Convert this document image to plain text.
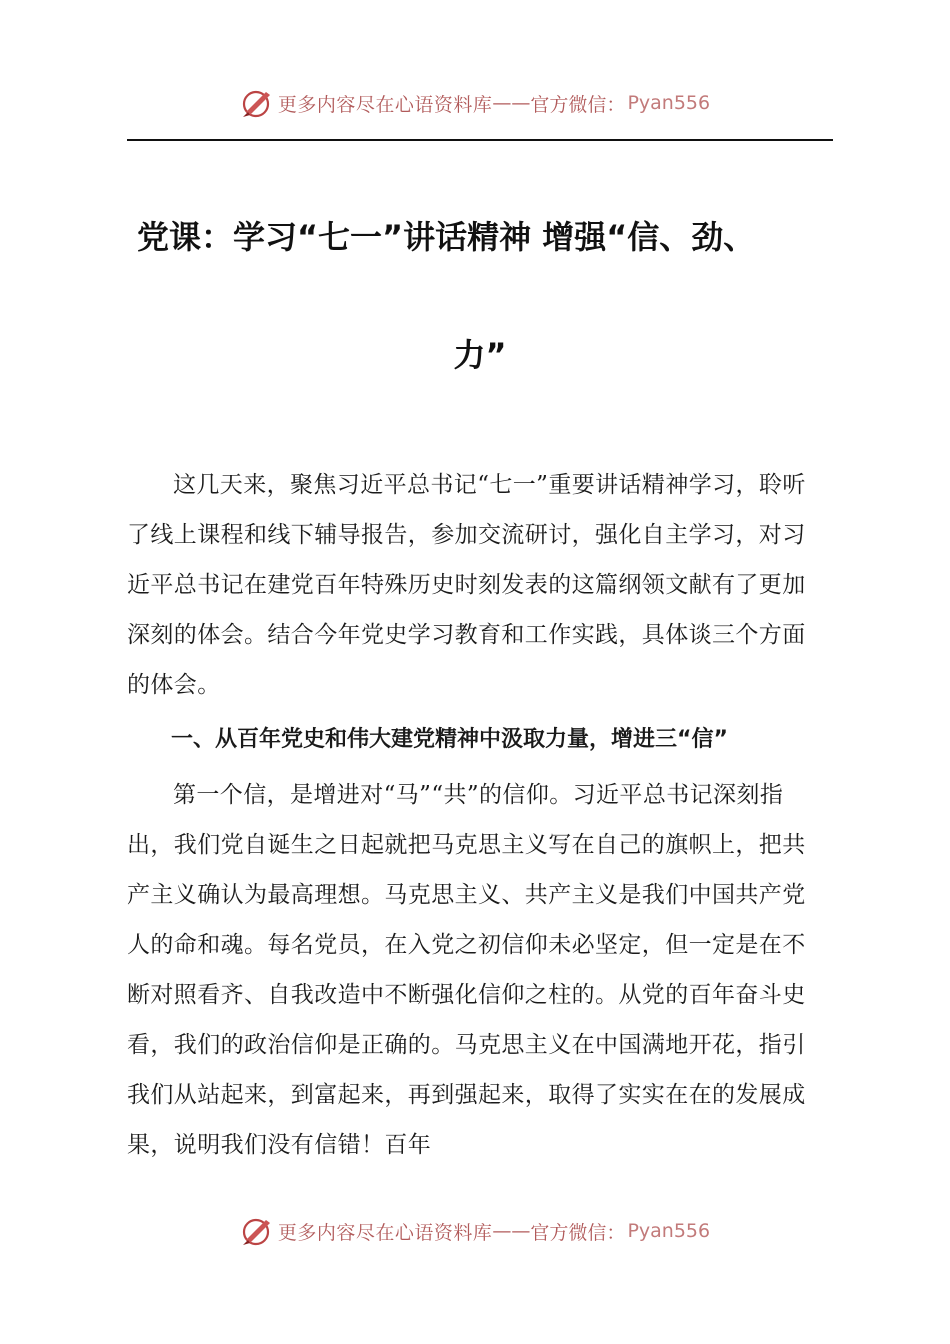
更多内容尽在心语资料库 —— 官方微信： Pyan556
党课：学习“七一”讲话精神 增强“信、劲、
力”

这几天来，聚焦习近平总书记“七一”重要讲话精神学习，聆听了线上课程和线下辅导报告，参加交流研讨，强化自主学习，对习近平总书记在建党百年特殊历史时刻发表的这篇纲领文献有了更加深刻的体会。结合今年党史学习教育和工作实践，具体谈三个方面的体会。

一、从百年党史和伟大建党精神中汲取力量，增进三“信”

第一个信，是增进对“马”“共”的信仰。习近平总书记深刻指出，我们党自诞生之日起就把马克思主义写在自己的旗帜上，把共产主义确认为最高理想。马克思主义、共产主义是我们中国共产党人的命和魂。每名党员，在入党之初信仰未必坚定，但一定是在不断对照看齐、自我改造中不断强化信仰之柱的。从党的百年奋斗史看，我们的政治信仰是正确的。马克思主义在中国满地开花，指引我们从站起来，到富起来，再到强起来，取得了实实在在的发展成果，说明我们没有信错！百年

更多内容尽在心语资料库 —— 官方微信： Pyan556
